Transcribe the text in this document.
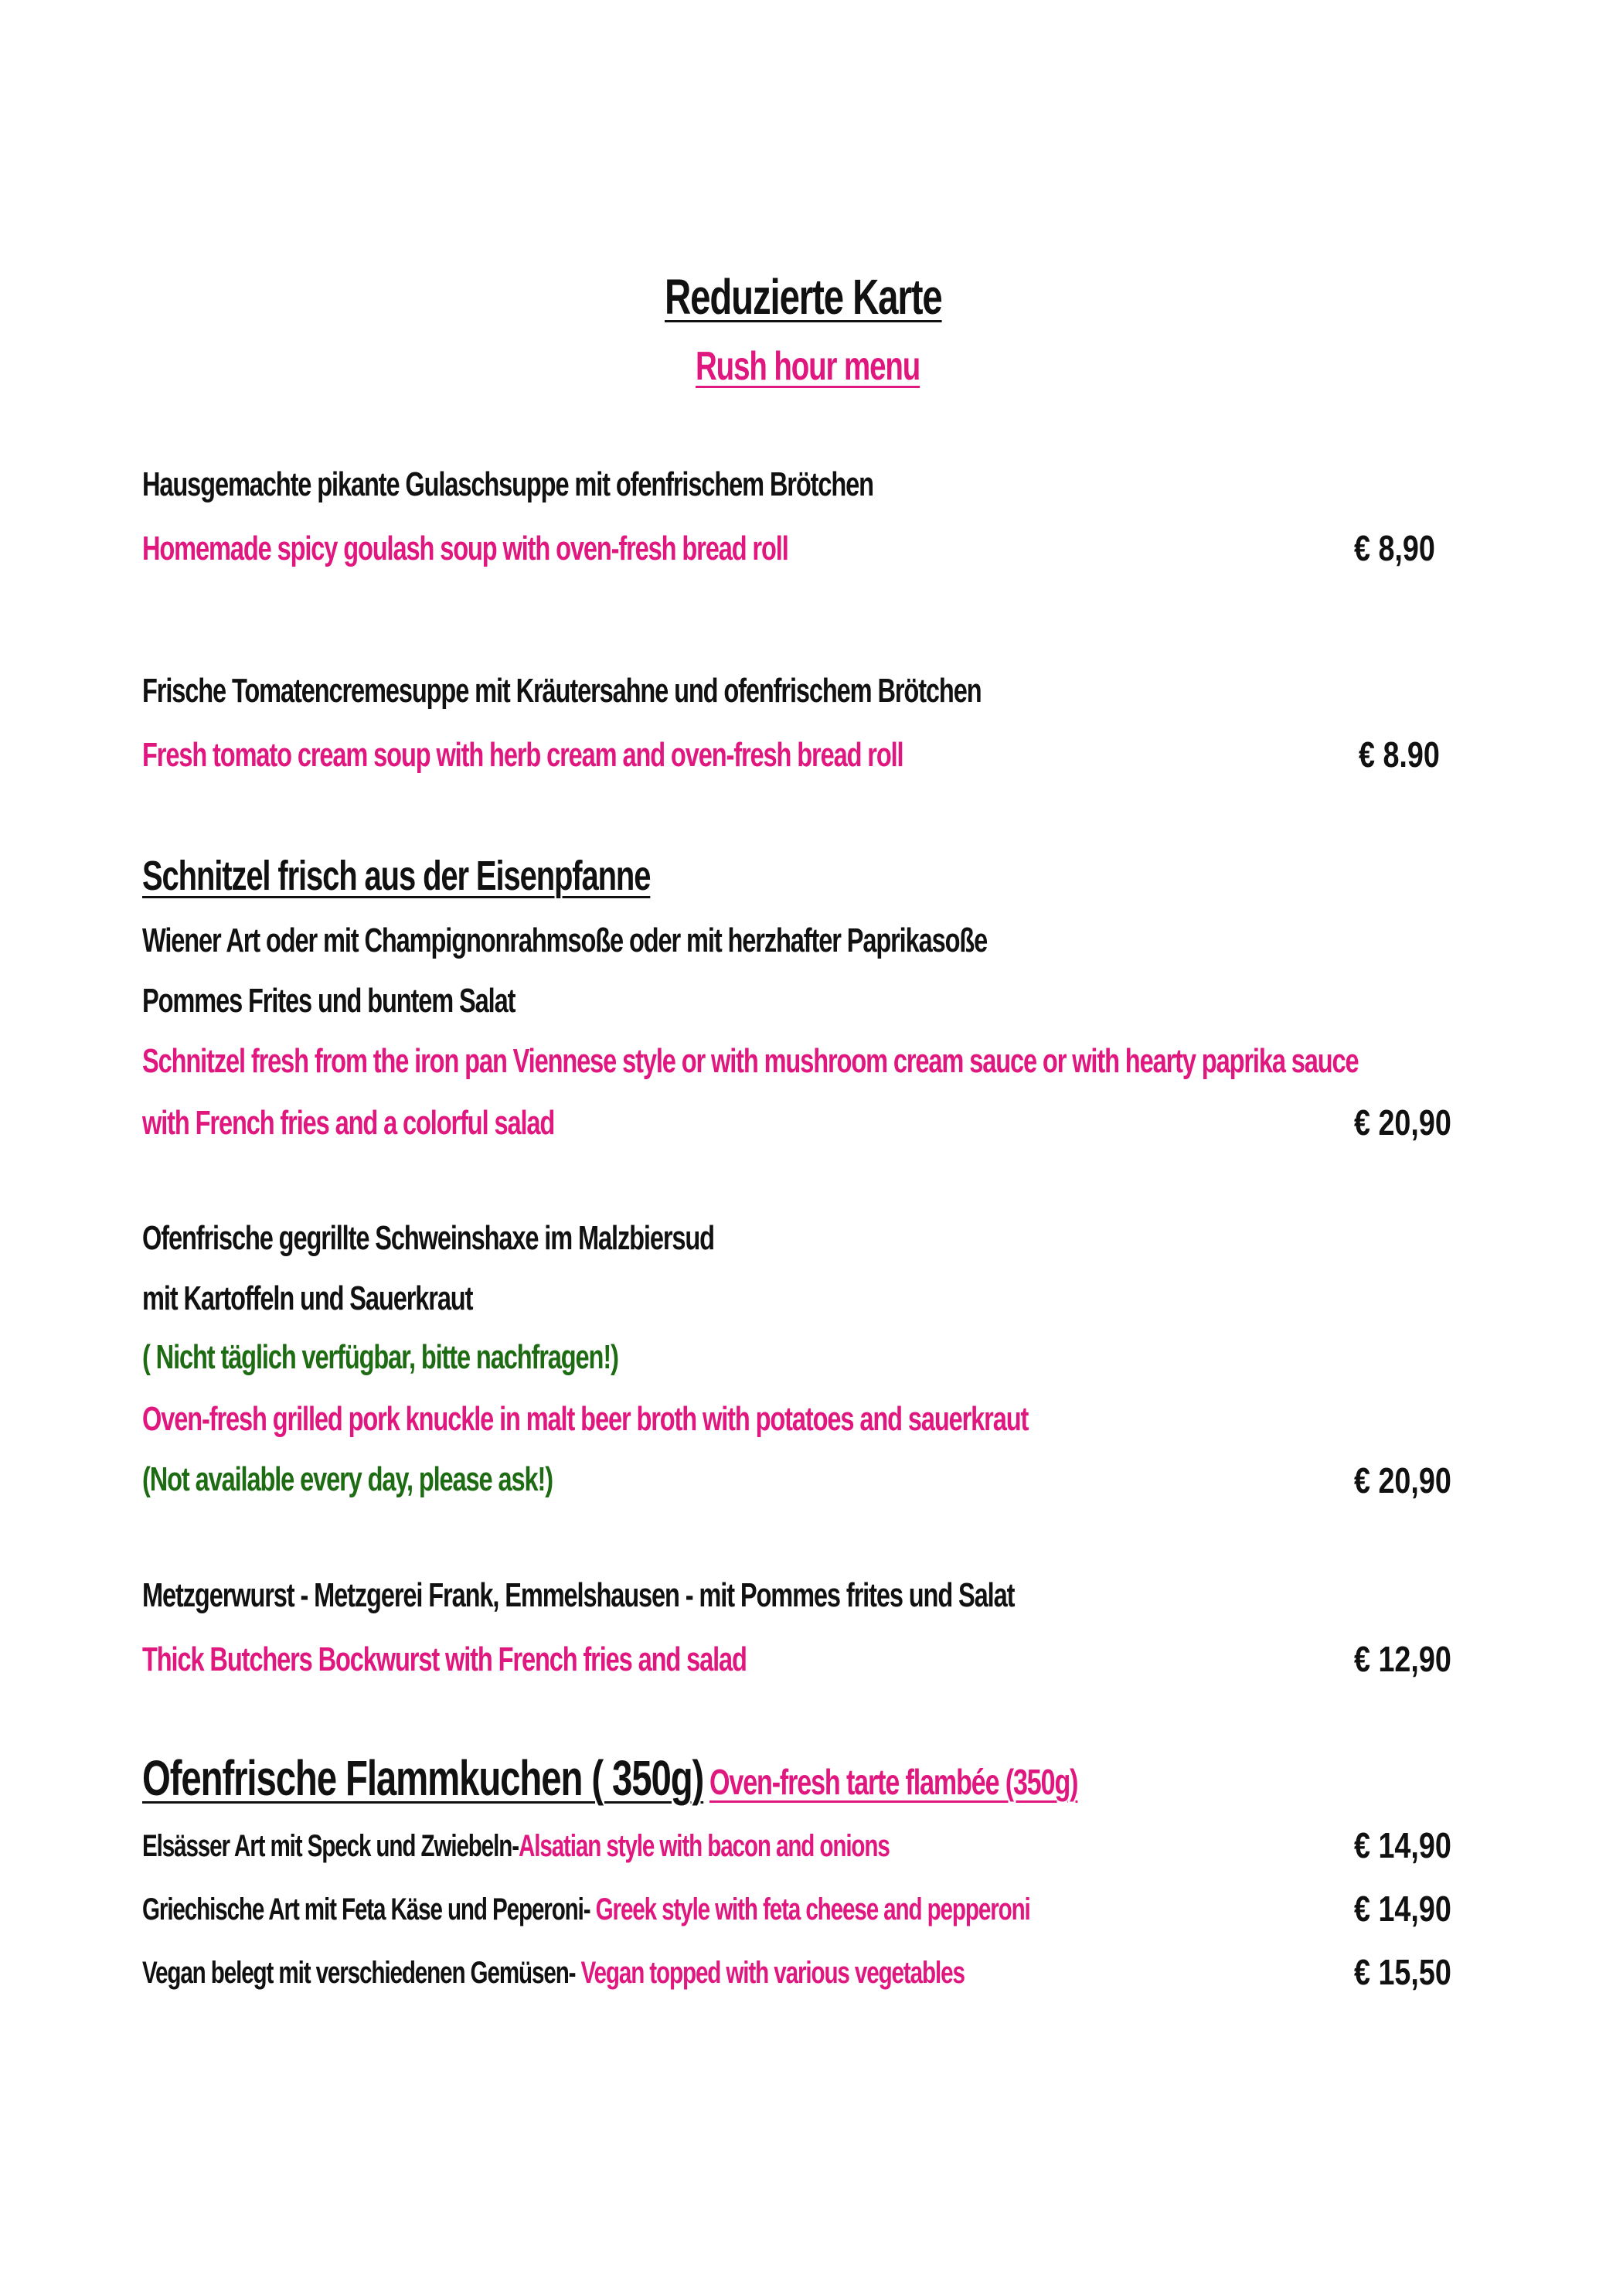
Reduzierte Karte
Rush hour menu
Hausgemachte pikante Gulaschsuppe mit ofenfrischem Brötchen
Homemade spicy goulash soup with oven-fresh bread roll	€ 8,90
Frische Tomatencremesuppe mit Kräutersahne und ofenfrischem Brötchen
Fresh tomato cream soup with herb cream and oven-fresh bread roll	€ 8.90
Schnitzel frisch aus der Eisenpfanne
Wiener Art oder mit Champignonrahmsoße oder mit herzhafter Paprikasoße
Pommes Frites und buntem Salat
Schnitzel fresh from the iron pan Viennese style or with mushroom cream sauce or with hearty paprika sauce
with French fries and a colorful salad	€ 20,90
Ofenfrische gegrillte Schweinshaxe im Malzbiersud
mit Kartoffeln und Sauerkraut
( Nicht täglich verfügbar, bitte nachfragen!)
Oven-fresh grilled pork knuckle in malt beer broth with potatoes and sauerkraut
(Not available every day, please ask!)	€ 20,90
Metzgerwurst - Metzgerei Frank, Emmelshausen - mit Pommes frites und Salat
Thick Butchers Bockwurst with French fries and salad	€ 12,90
Ofenfrische Flammkuchen ( 350g) Oven-fresh tarte flambée (350g)
Elsässer Art mit Speck und Zwiebeln-Alsatian style with bacon and onions	€ 14,90
Griechische Art mit Feta Käse und Peperoni- Greek style with feta cheese and pepperoni	€ 14,90
Vegan belegt mit verschiedenen Gemüsen- Vegan topped with various vegetables	€ 15,50
